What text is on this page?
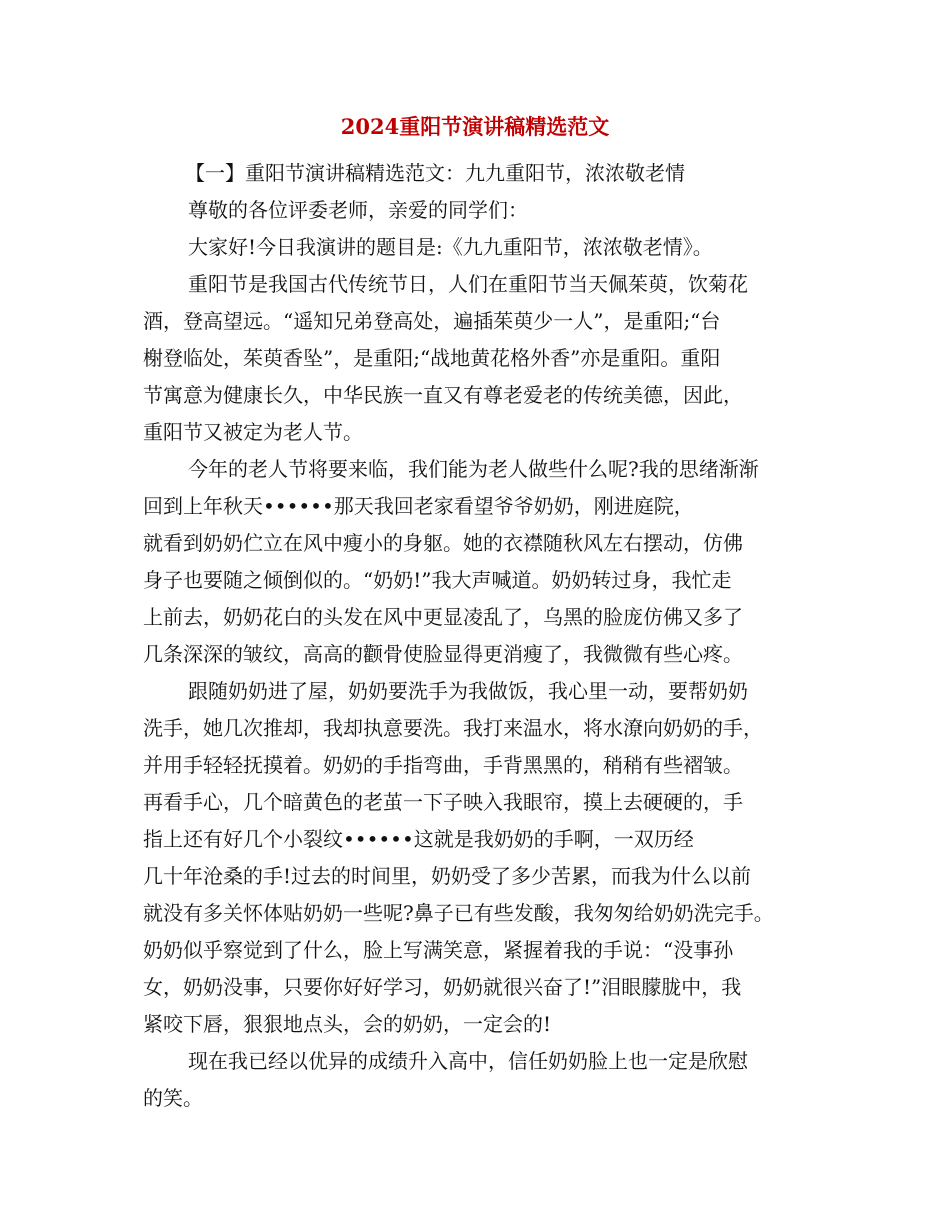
2024重阳节演讲稿精选范文
【一】重阳节演讲稿精选范文：九九重阳节，浓浓敬老情
尊敬的各位评委老师，亲爱的同学们：
大家好!今日我演讲的题目是:《九九重阳节，浓浓敬老情》。
重阳节是我国古代传统节日，人们在重阳节当天佩茱萸，饮菊花
酒，登高望远。“遥知兄弟登高处，遍插茱萸少一人”，是重阳;“台
榭登临处，茱萸香坠”，是重阳;“战地黄花格外香”亦是重阳。重阳
节寓意为健康长久，中华民族一直又有尊老爱老的传统美德，因此，
重阳节又被定为老人节。
今年的老人节将要来临，我们能为老人做些什么呢?我的思绪渐渐
回到上年秋天••••••那天我回老家看望爷爷奶奶，刚进庭院，
就看到奶奶伫立在风中瘦小的身躯。她的衣襟随秋风左右摆动，仿佛
身子也要随之倾倒似的。“奶奶!”我大声喊道。奶奶转过身，我忙走
上前去，奶奶花白的头发在风中更显凌乱了，乌黑的脸庞仿佛又多了
几条深深的皱纹，高高的颧骨使脸显得更消瘦了，我微微有些心疼。
跟随奶奶进了屋，奶奶要洗手为我做饭，我心里一动，要帮奶奶
洗手，她几次推却，我却执意要洗。我打来温水，将水潦向奶奶的手，
并用手轻轻抚摸着。奶奶的手指弯曲，手背黑黑的，稍稍有些褶皱。
再看手心，几个暗黄色的老茧一下子映入我眼帘，摸上去硬硬的，手
指上还有好几个小裂纹••••••这就是我奶奶的手啊，一双历经
几十年沧桑的手!过去的时间里，奶奶受了多少苦累，而我为什么以前
就没有多关怀体贴奶奶一些呢?鼻子已有些发酸，我匆匆给奶奶洗完手。
奶奶似乎察觉到了什么，脸上写满笑意，紧握着我的手说：“没事孙
女，奶奶没事，只要你好好学习，奶奶就很兴奋了!”泪眼朦胧中，我
紧咬下唇，狠狠地点头，会的奶奶，一定会的!
现在我已经以优异的成绩升入高中，信任奶奶脸上也一定是欣慰
的笑。
